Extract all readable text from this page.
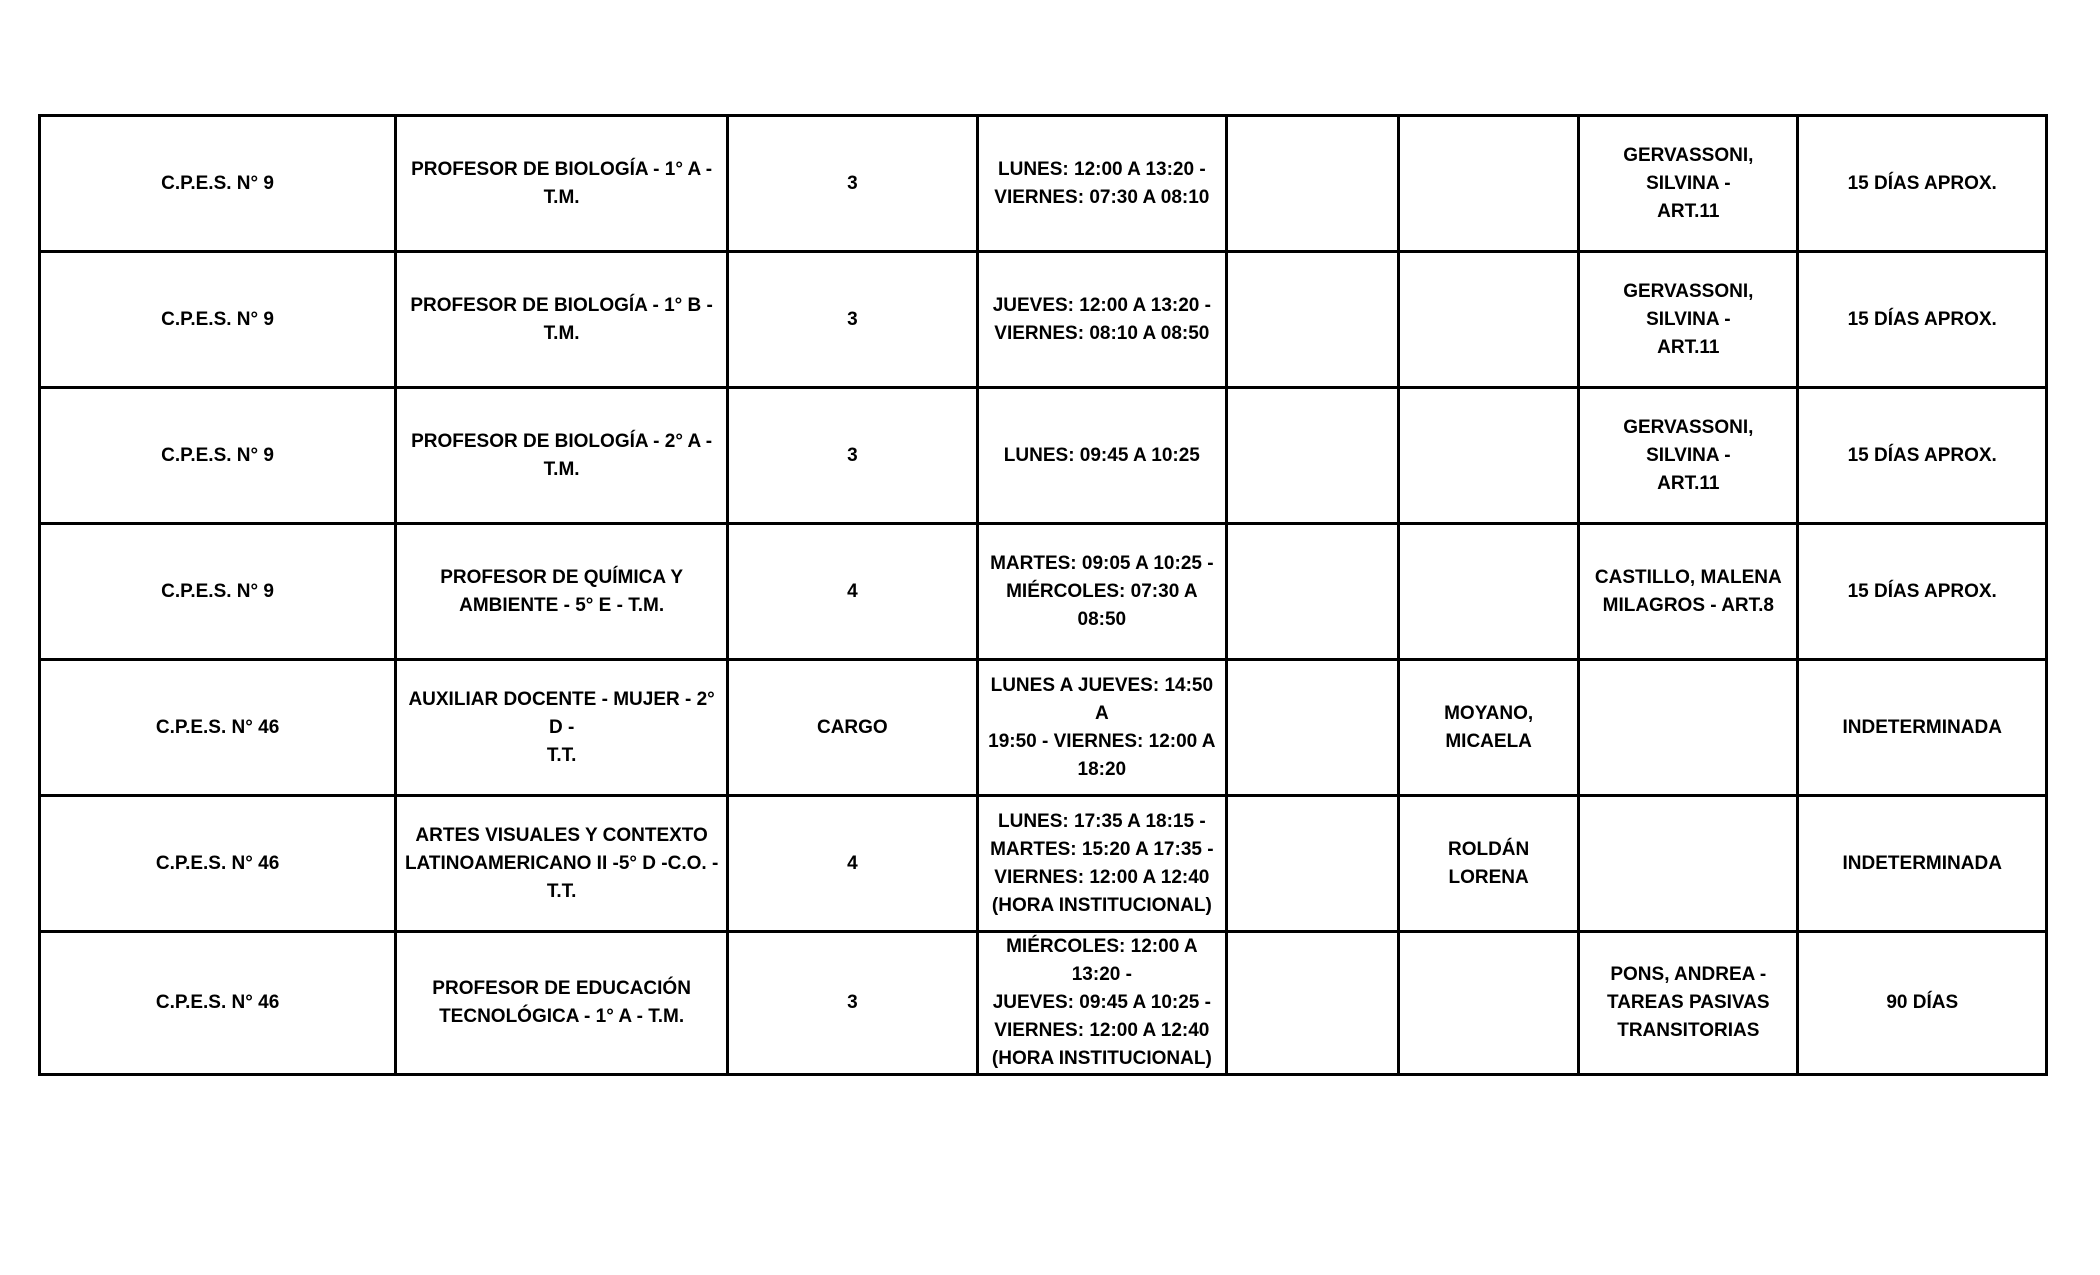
C.P.E.S. N° 9	PROFESOR DE BIOLOGÍA - 1° A - T.M.	3	LUNES: 12:00 A 13:20 -
VIERNES: 07:30 A 08:10			GERVASSONI, SILVINA -
ART.11	15 DÍAS APROX.
C.P.E.S. N° 9	PROFESOR DE BIOLOGÍA - 1° B - T.M.	3	JUEVES: 12:00 A 13:20 -
VIERNES: 08:10 A 08:50			GERVASSONI, SILVINA -
ART.11	15 DÍAS APROX.
C.P.E.S. N° 9	PROFESOR DE BIOLOGÍA - 2° A - T.M.	3	LUNES: 09:45 A 10:25			GERVASSONI, SILVINA -
ART.11	15 DÍAS APROX.
C.P.E.S. N° 9	PROFESOR DE QUÍMICA Y
AMBIENTE - 5° E - T.M.	4	MARTES: 09:05 A 10:25 -
MIÉRCOLES: 07:30 A 08:50			CASTILLO, MALENA
MILAGROS - ART.8	15 DÍAS APROX.
C.P.E.S. N° 46	AUXILIAR DOCENTE - MUJER - 2° D -
T.T.	CARGO	LUNES A JUEVES: 14:50 A
19:50 - VIERNES: 12:00 A
18:20		MOYANO,
MICAELA		INDETERMINADA
C.P.E.S. N° 46	ARTES VISUALES Y CONTEXTO
LATINOAMERICANO II -5° D -C.O. -
T.T.	4	LUNES: 17:35 A 18:15 -
MARTES: 15:20 A 17:35 -
VIERNES: 12:00 A 12:40
(HORA INSTITUCIONAL)		ROLDÁN LORENA		INDETERMINADA
C.P.E.S. N° 46	PROFESOR DE EDUCACIÓN
TECNOLÓGICA - 1° A - T.M.	3	MIÉRCOLES: 12:00 A 13:20 -
JUEVES: 09:45 A 10:25 -
VIERNES: 12:00 A 12:40
(HORA INSTITUCIONAL)			PONS, ANDREA -
TAREAS PASIVAS
TRANSITORIAS	90 DÍAS
